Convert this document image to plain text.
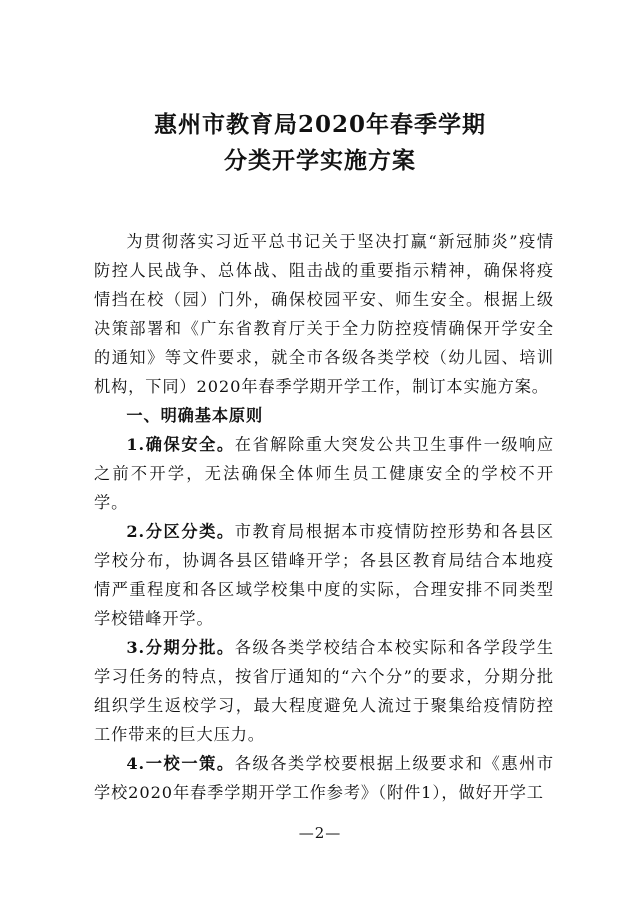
惠州市教育局2020年春季学期
分类开学实施方案

为贯彻落实习近平总书记关于坚决打赢“新冠肺炎”疫情防控人民战争、总体战、阻击战的重要指示精神，确保将疫情挡在校（园）门外，确保校园平安、师生安全。根据上级决策部署和《广东省教育厅关于全力防控疫情确保开学安全的通知》等文件要求，就全市各级各类学校（幼儿园、培训机构，下同）2020年春季学期开学工作，制订本实施方案。

一、明确基本原则

1.确保安全。在省解除重大突发公共卫生事件一级响应之前不开学，无法确保全体师生员工健康安全的学校不开学。

2.分区分类。市教育局根据本市疫情防控形势和各县区学校分布，协调各县区错峰开学；各县区教育局结合本地疫情严重程度和各区域学校集中度的实际，合理安排不同类型学校错峰开学。

3.分期分批。各级各类学校结合本校实际和各学段学生学习任务的特点，按省厅通知的“六个分”的要求，分期分批组织学生返校学习，最大程度避免人流过于聚集给疫情防控工作带来的巨大压力。

4.一校一策。各级各类学校要根据上级要求和《惠州市学校2020年春季学期开学工作参考》（附件1），做好开学工

—2—
